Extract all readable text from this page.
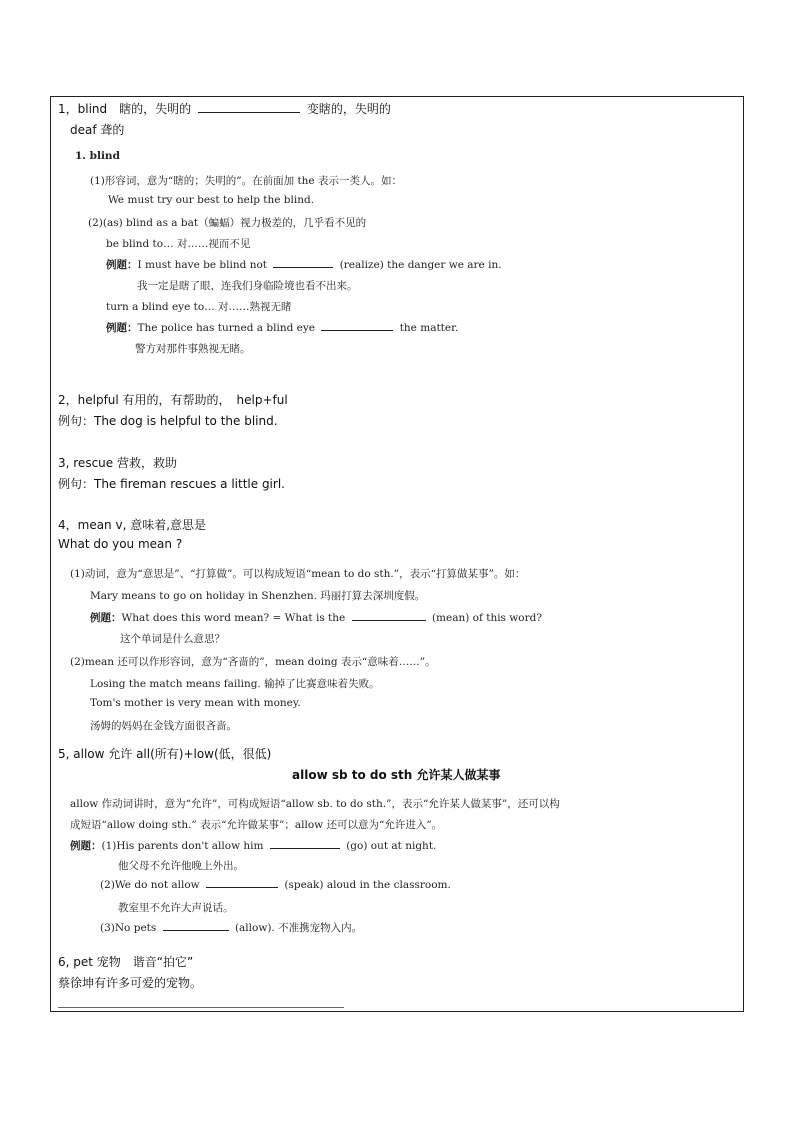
1，blind　瞎的，失明的	变瞎的，失明的
deaf 聋的
1. blind
(1)形容词，意为“瞎的；失明的”。在前面加 the 表示一类人。如：
We must try our best to help the blind.
(2)(as) blind as a bat（蝙蝠）视力极差的，几乎看不见的
be blind to… 对……视而不见
例题：I must have be blind not	(realize) the danger we are in.
我一定是瞎了眼，连我们身临险境也看不出来。
turn a blind eye to… 对……熟视无睹
例题：The police has turned a blind eye	the matter.
警方对那件事熟视无睹。
2，helpful 有用的，有帮助的，　help+ful
例句：The dog is helpful to the blind.
3, rescue 营救，救助
例句：The fireman rescues a little girl.
4，mean v, 意味着,意思是
What do you mean ?
(1)动词，意为“意思是”、“打算做”。可以构成短语“mean to do sth.”，表示“打算做某事”。如：
Mary means to go on holiday in Shenzhen. 玛丽打算去深圳度假。
例题：What does this word mean? = What is the	(mean) of this word?
这个单词是什么意思？
(2)mean 还可以作形容词，意为“吝啬的”，mean doing 表示“意味着……”。
Losing the match means failing. 输掉了比赛意味着失败。
Tom's mother is very mean with money.
汤姆的妈妈在金钱方面很吝啬。
5, allow 允许 all(所有)+low(低，很低)
allow sb to do sth 允许某人做某事
allow 作动词讲时，意为“允许”，可构成短语“allow sb. to do sth.”，表示“允许某人做某事”，还可以构
成短语“allow doing sth.” 表示“允许做某事”；allow 还可以意为“允许进入”。
例题：(1)His parents don't allow him	(go) out at night.
他父母不允许他晚上外出。
(2)We do not allow	(speak) aloud in the classroom.
教室里不允许大声说话。
(3)No pets	(allow). 不准携宠物入内。
6, pet 宠物　谐音“拍它”
蔡徐坤有许多可爱的宠物。
